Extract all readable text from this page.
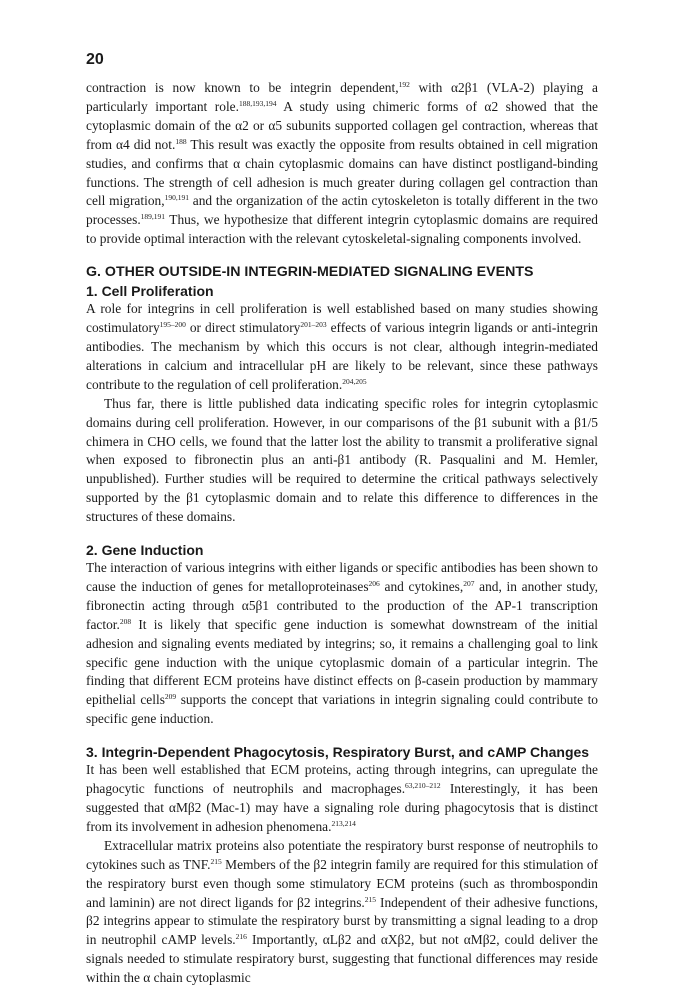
20

contraction is now known to be integrin dependent,$^{192}$ with α2β1 (VLA-2) playing a particularly important role.$^{188,193,194}$ A study using chimeric forms of α2 showed that the cytoplasmic domain of the α2 or α5 subunits supported collagen gel contraction, whereas that from α4 did not.$^{188}$ This result was exactly the opposite from results obtained in cell migration studies, and confirms that α chain cytoplasmic domains can have distinct postligand-binding functions. The strength of cell adhesion is much greater during collagen gel contraction than cell migration,$^{190,191}$ and the organization of the actin cytoskeleton is totally different in the two processes.$^{189,191}$ Thus, we hypothesize that different integrin cytoplasmic domains are required to provide optimal interaction with the relevant cytoskeletal-signaling components involved.

G. OTHER OUTSIDE-IN INTEGRIN-MEDIATED SIGNALING EVENTS
1. Cell Proliferation

A role for integrins in cell proliferation is well established based on many studies showing costimulatory$^{195-200}$ or direct stimulatory$^{201-203}$ effects of various integrin ligands or anti-integrin antibodies. The mechanism by which this occurs is not clear, although integrin-mediated alterations in calcium and intracellular pH are likely to be relevant, since these pathways contribute to the regulation of cell proliferation.$^{204,205}$

Thus far, there is little published data indicating specific roles for integrin cytoplasmic domains during cell proliferation. However, in our comparisons of the β1 subunit with a β1/5 chimera in CHO cells, we found that the latter lost the ability to transmit a proliferative signal when exposed to fibronectin plus an anti-β1 antibody (R. Pasqualini and M. Hemler, unpublished). Further studies will be required to determine the critical pathways selectively supported by the β1 cytoplasmic domain and to relate this difference to differences in the structures of these domains.

2. Gene Induction

The interaction of various integrins with either ligands or specific antibodies has been shown to cause the induction of genes for metalloproteinases$^{206}$ and cytokines,$^{207}$ and, in another study, fibronectin acting through α5β1 contributed to the production of the AP-1 transcription factor.$^{208}$ It is likely that specific gene induction is somewhat downstream of the initial adhesion and signaling events mediated by integrins; so, it remains a challenging goal to link specific gene induction with the unique cytoplasmic domain of a particular integrin. The finding that different ECM proteins have distinct effects on β-casein production by mammary epithelial cells$^{209}$ supports the concept that variations in integrin signaling could contribute to specific gene induction.

3. Integrin-Dependent Phagocytosis, Respiratory Burst, and cAMP Changes

It has been well established that ECM proteins, acting through integrins, can upregulate the phagocytic functions of neutrophils and macrophages.$^{63,210-212}$ Interestingly, it has been suggested that αMβ2 (Mac-1) may have a signaling role during phagocytosis that is distinct from its involvement in adhesion phenomena.$^{213,214}$

Extracellular matrix proteins also potentiate the respiratory burst response of neutrophils to cytokines such as TNF.$^{215}$ Members of the β2 integrin family are required for this stimulation of the respiratory burst even though some stimulatory ECM proteins (such as thrombospondin and laminin) are not direct ligands for β2 integrins.$^{215}$ Independent of their adhesive functions, β2 integrins appear to stimulate the respiratory burst by transmitting a signal leading to a drop in neutrophil cAMP levels.$^{216}$ Importantly, αLβ2 and αXβ2, but not αMβ2, could deliver the signals needed to stimulate respiratory burst, suggesting that functional differences may reside within the α chain cytoplasmic
